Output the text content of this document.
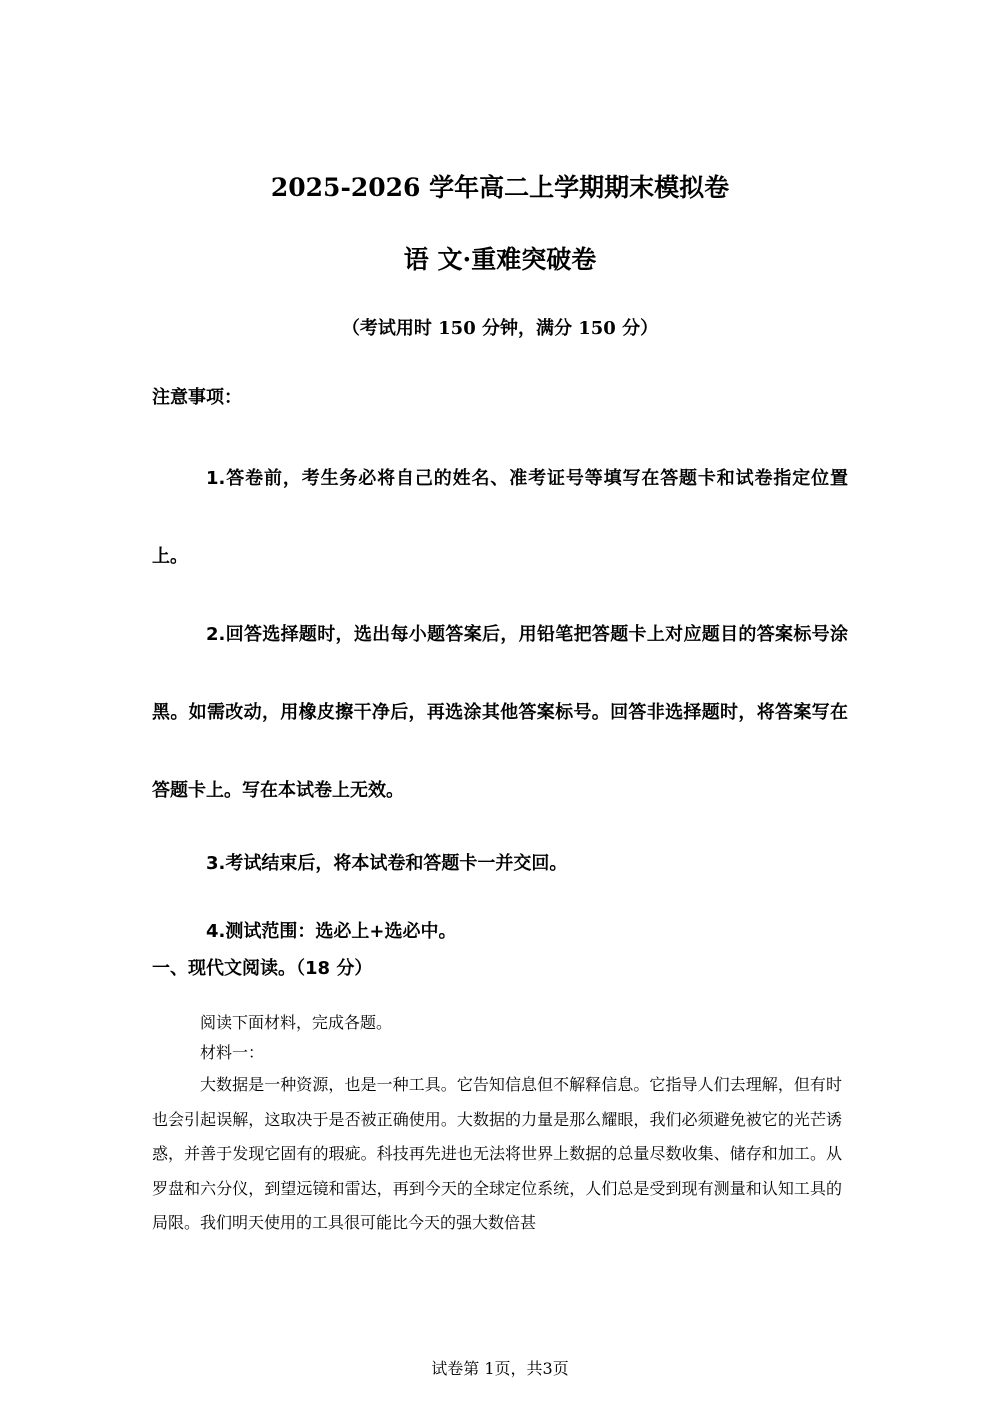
2025-2026 学年高二上学期期末模拟卷
语 文·重难突破卷
（考试用时 150 分钟，满分 150 分）
注意事项：

1.答卷前，考生务必将自己的姓名、准考证号等填写在答题卡和试卷指定位置上。

2.回答选择题时，选出每小题答案后，用铅笔把答题卡上对应题目的答案标号涂黑。如需改动，用橡皮擦干净后，再选涂其他答案标号。回答非选择题时，将答案写在答题卡上。写在本试卷上无效。

3.考试结束后，将本试卷和答题卡一并交回。

4.测试范围：选必上+选必中。

一、现代文阅读。（18 分）

阅读下面材料，完成各题。

材料一：

大数据是一种资源，也是一种工具。它告知信息但不解释信息。它指导人们去理解，但有时也会引起误解，这取决于是否被正确使用。大数据的力量是那么耀眼，我们必须避免被它的光芒诱惑，并善于发现它固有的瑕疵。科技再先进也无法将世界上数据的总量尽数收集、储存和加工。从罗盘和六分仪，到望远镜和雷达，再到今天的全球定位系统，人们总是受到现有测量和认知工具的局限。我们明天使用的工具很可能比今天的强大数倍甚

试卷第 1页，共3页
